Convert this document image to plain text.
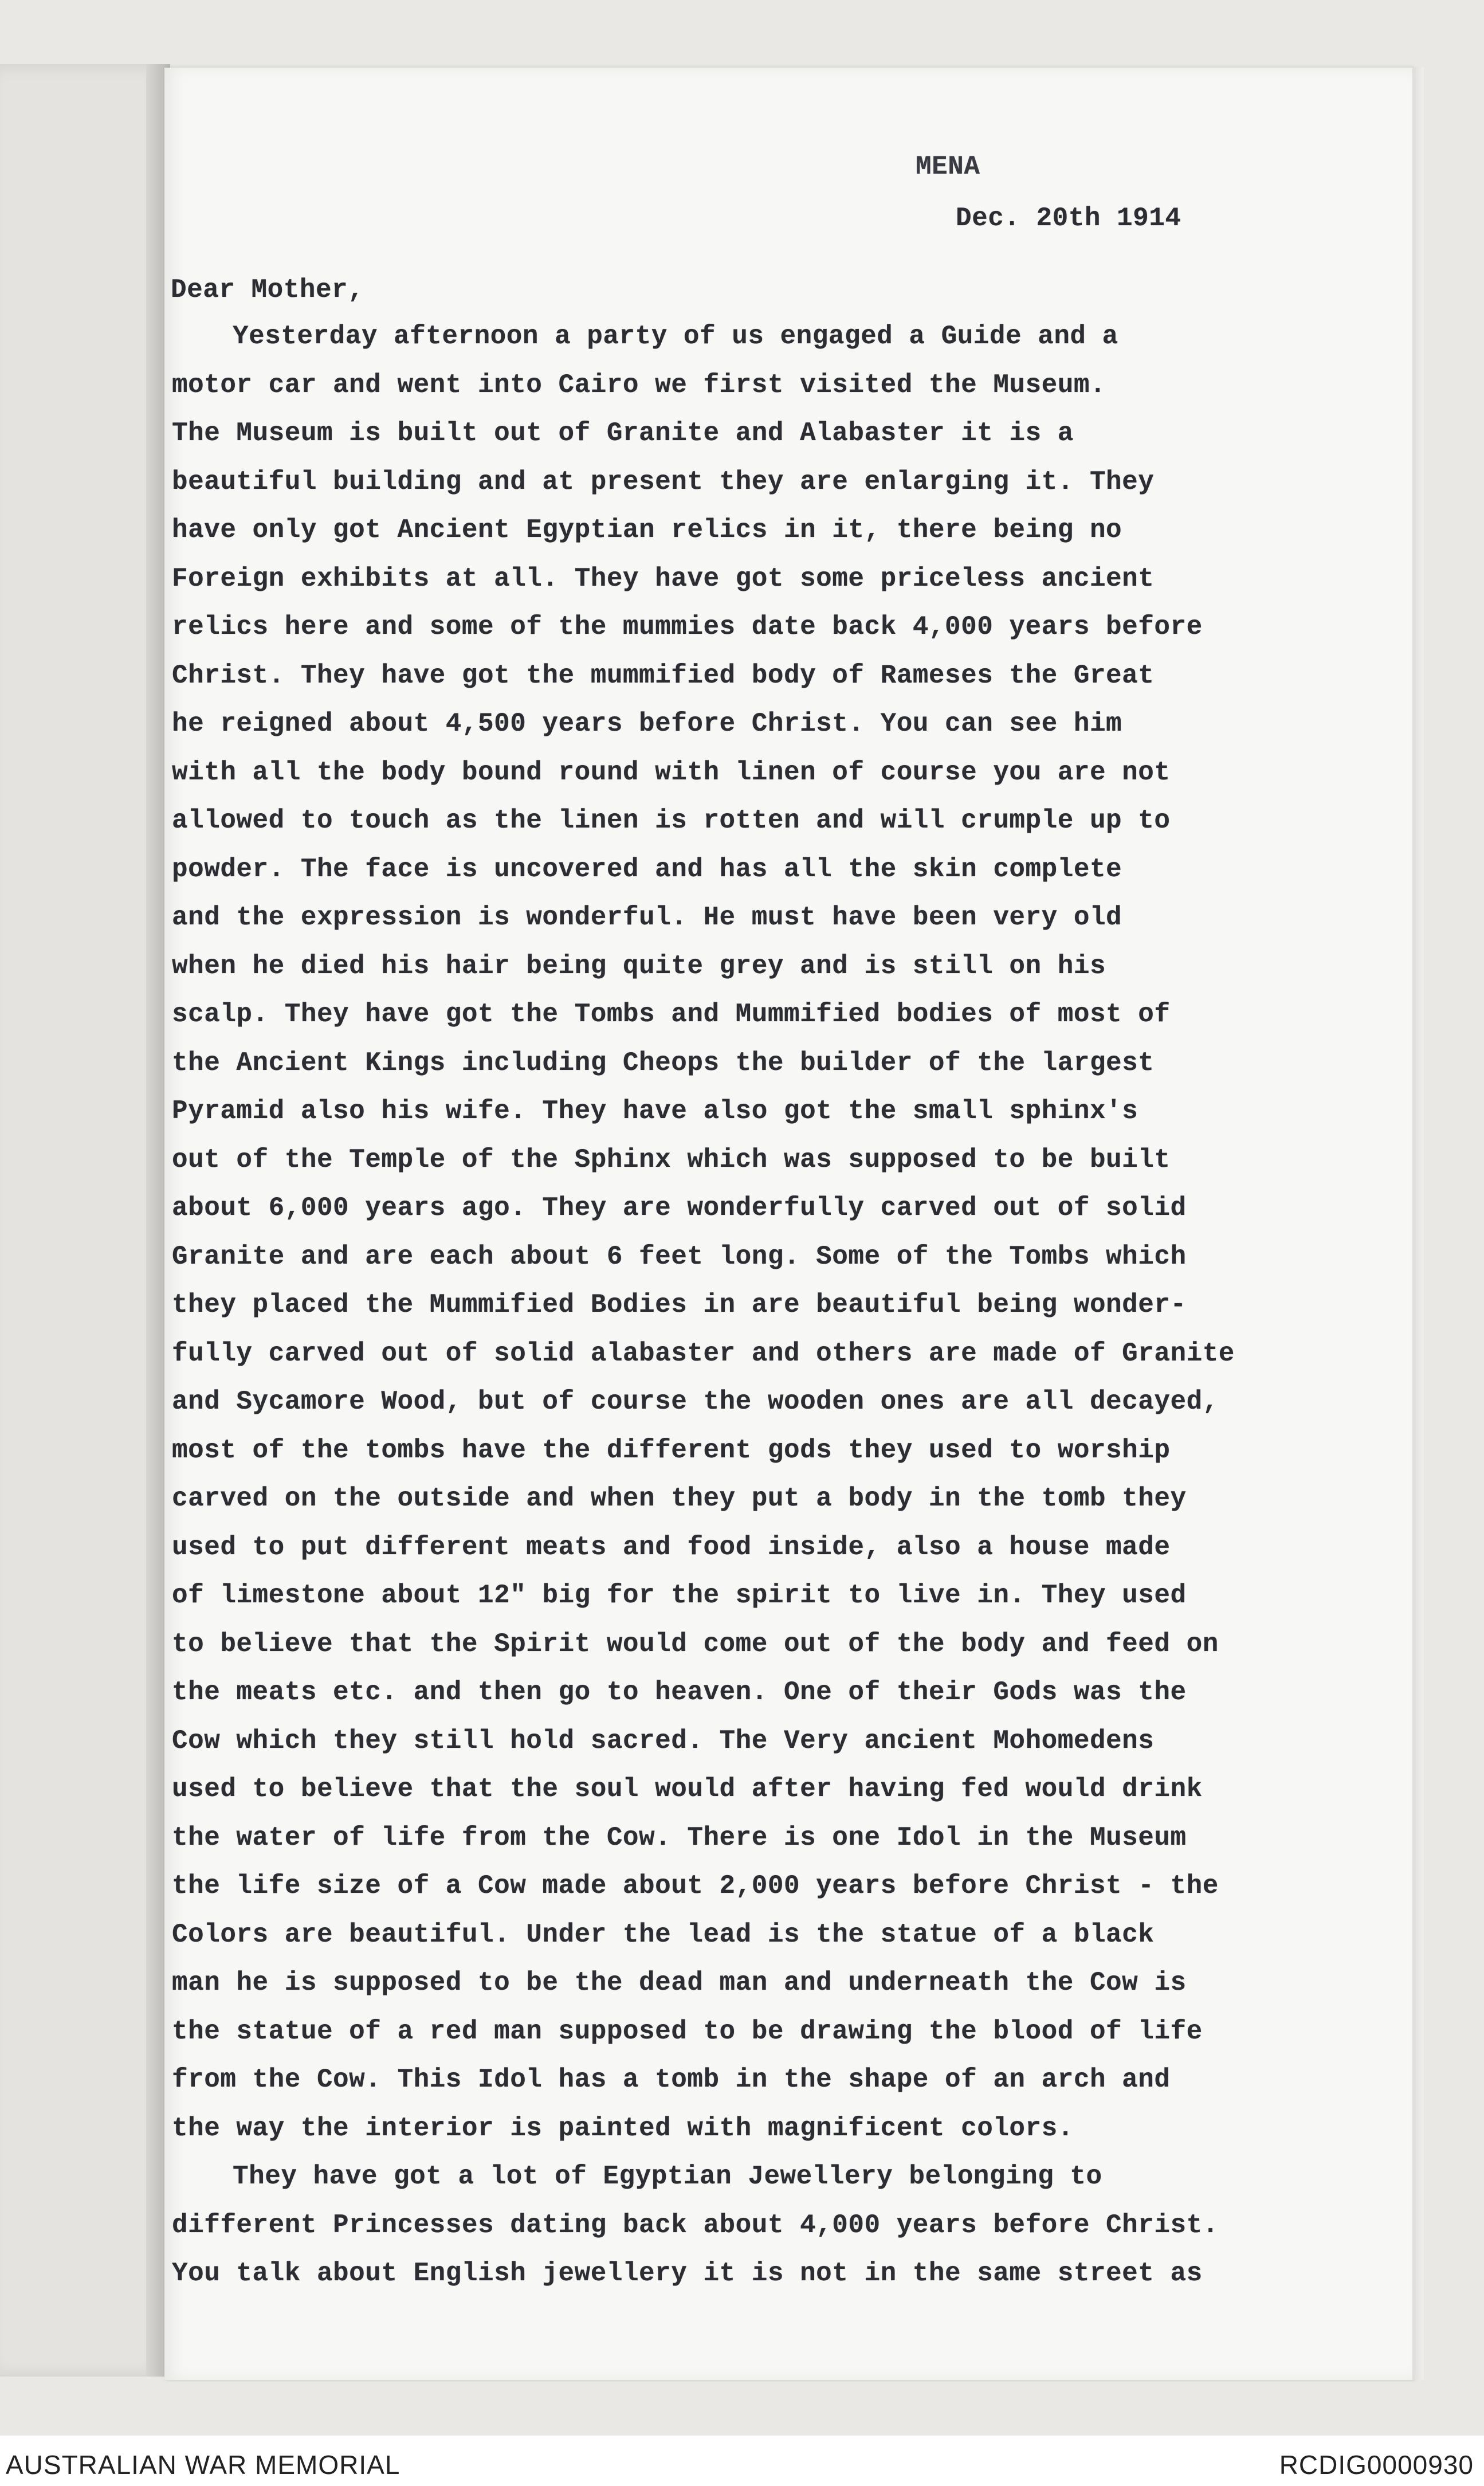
MENA
Dec. 20th 1914
Dear Mother,
Yesterday afternoon a party of us engaged a Guide and a
motor car and went into Cairo we first visited the Museum.
The Museum is built out of Granite and Alabaster it is a
beautiful building and at present they are enlarging it. They
have only got Ancient Egyptian relics in it, there being no
Foreign exhibits at all. They have got some priceless ancient
relics here and some of the mummies date back 4,000 years before
Christ. They have got the mummified body of Rameses the Great
he reigned about 4,500 years before Christ. You can see him
with all the body bound round with linen of course you are not
allowed to touch as the linen is rotten and will crumple up to
powder. The face is uncovered and has all the skin complete
and the expression is wonderful. He must have been very old
when he died his hair being quite grey and is still on his
scalp. They have got the Tombs and Mummified bodies of most of
the Ancient Kings including Cheops the builder of the largest
Pyramid also his wife. They have also got the small sphinx's
out of the Temple of the Sphinx which was supposed to be built
about 6,000 years ago. They are wonderfully carved out of solid
Granite and are each about 6 feet long. Some of the Tombs which
they placed the Mummified Bodies in are beautiful being wonder-
fully carved out of solid alabaster and others are made of Granite
and Sycamore Wood, but of course the wooden ones are all decayed,
most of the tombs have the different gods they used to worship
carved on the outside and when they put a body in the tomb they
used to put different meats and food inside, also a house made
of limestone about 12" big for the spirit to live in. They used
to believe that the Spirit would come out of the body and feed on
the meats etc. and then go to heaven. One of their Gods was the
Cow which they still hold sacred. The Very ancient Mohomedens
used to believe that the soul would after having fed would drink
the water of life from the Cow. There is one Idol in the Museum
the life size of a Cow made about 2,000 years before Christ - the
Colors are beautiful. Under the lead is the statue of a black
man he is supposed to be the dead man and underneath the Cow is
the statue of a red man supposed to be drawing the blood of life
from the Cow. This Idol has a tomb in the shape of an arch and
the way the interior is painted with magnificent colors.
They have got a lot of Egyptian Jewellery belonging to
different Princesses dating back about 4,000 years before Christ.
You talk about English jewellery it is not in the same street as
AUSTRALIAN WAR MEMORIAL	RCDIG0000930
